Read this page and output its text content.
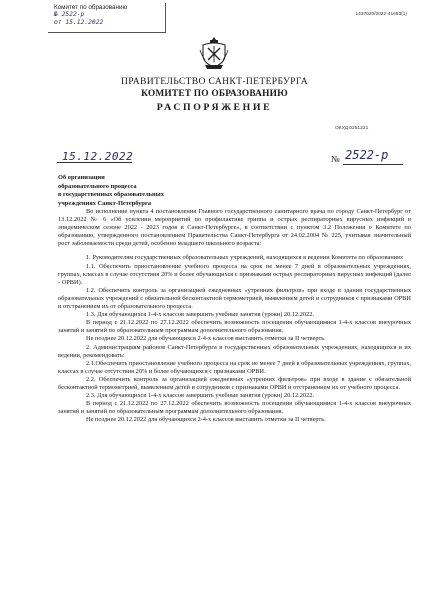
Комитет по образованию
№ 2522-р
от 15.12.2022
1437020/2022-41653(1)
ПРАВИТЕЛЬСТВО САНКТ-ПЕТЕРБУРГА
КОМИТЕТ ПО ОБРАЗОВАНИЮ
РАСПОРЯЖЕНИЕ
ОКУД 0251221
15.12.2022	№ 2522-р
Об организации
образовательного процесса
в государственных образовательных
учреждениях Санкт-Петербурга

Во исполнение пункта 4 постановления Главного государственного санитарного врача по городу Санкт-Петербург от 13.12.2022 № 6 «Об усилении мероприятий по профилактике гриппа и острых респираторных вирусных инфекций в эпидемическом сезоне 2022 - 2023 годов в Санкт-Петербурге», в соответствии с пунктом 3.2 Положения о Комитете по образованию, утвержденного постановлением Правительства Санкт-Петербурга от 24.02.2004 № 225, учитывая значительный рост заболеваемости среди детей, особенно младшего школьного возраста:

1. Руководителям государственных образовательных учреждений, находящихся в ведении Комитета по образованию:

1.1. Обеспечить приостановление учебного процесса на срок не менее 7 дней в образовательных учреждениях, группах, классах в случае отсутствия 20% и более обучающихся с признаками острых респираторных вирусных инфекций (далее - ОРВИ).

1.2. Обеспечить контроль за организацией ежедневных «утренних фильтров» при входе в здания государственных образовательных учреждений с обязательной бесконтактной термометрией, выявлением детей и сотрудников с признаками ОРВИ и отстранением их от образовательного процесса.

1.3. Для обучающихся 1-4-х классов завершить учебные занятия (уроки) 20.12.2022.

В период с 21.12.2022 по 27.12.2022 обеспечить возможность посещения обучающимися 1-4-х классов внеурочных занятий и занятий по образовательным программам дополнительного образования.

Не позднее 20.12.2022 для обучающихся 2-4-х классов выставить отметки за II четверть.

2. Администрациям районов Санкт-Петербурга в государственных образовательных учреждениях, находящихся в их ведении, рекомендовать:

2.1.Обеспечить приостановление учебного процесса на срок не менее 7 дней в образовательных учреждениях, группах, классах в случае отсутствия 20% и более обучающихся с признаками ОРВИ.

2.2. Обеспечить контроль за организацией ежедневных «утренних фильтров» при входе в здание с обязательной бесконтактной термометрией, выявлением детей и сотрудников с признаками ОРВИ и отстранением их от учебного процесса.

2.3. Для обучающихся 1-4-х классов завершить учебные занятия (уроки) 20.12.2022.

В период с 21.12.2022 по 27.12.2022 обеспечить возможность посещения обучающимися 1-4-х классов внеурочных занятий и занятий по образовательным программам дополнительного образования.

Не позднее 20.12.2022 для обучающихся 2-4-х классов выставить отметки за II четверть.
